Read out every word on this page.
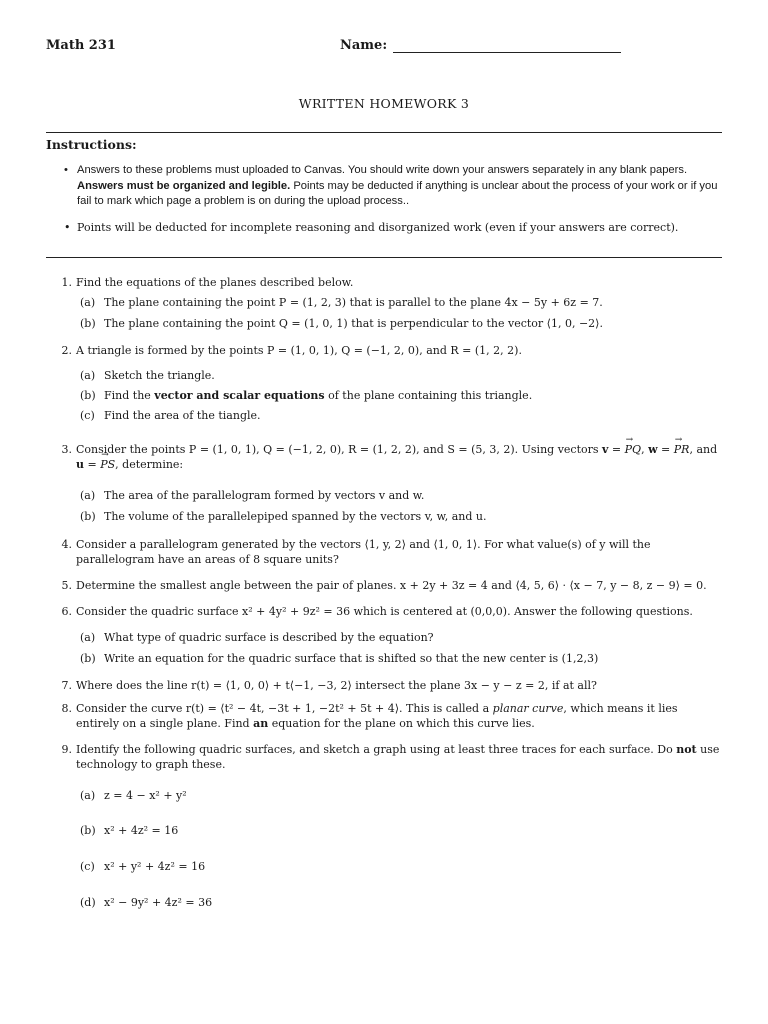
Math 231	Name:
WRITTEN HOMEWORK 3
Instructions:
• Answers to these problems must uploaded to Canvas. You should write down your answers separately in any blank papers. Answers must be organized and legible. Points may be deducted if anything is unclear about the process of your work or if you fail to mark which page a problem is on during the upload process..
• Points will be deducted for incomplete reasoning and disorganized work (even if your answers are correct).
1. Find the equations of the planes described below.
(a) The plane containing the point P = (1, 2, 3) that is parallel to the plane 4x − 5y + 6z = 7.
(b) The plane containing the point Q = (1, 0, 1) that is perpendicular to the vector ⟨1, 0, −2⟩.
2. A triangle is formed by the points P = (1, 0, 1), Q = (−1, 2, 0), and R = (1, 2, 2).
(a) Sketch the triangle.
(b) Find the vector and scalar equations of the plane containing this triangle.
(c) Find the area of the tiangle.
3. Consider the points P = (1, 0, 1), Q = (−1, 2, 0), R = (1, 2, 2), and S = (5, 3, 2). Using vectors v = → PQ, w = → PR, and
u = → PS, determine:
(a) The area of the parallelogram formed by vectors v and w.
(b) The volume of the parallelepiped spanned by the vectors v, w, and u.
4. Consider a parallelogram generated by the vectors ⟨1, y, 2⟩ and ⟨1, 0, 1⟩. For what value(s) of y will the parallelogram have an areas of 8 square units?
5. Determine the smallest angle between the pair of planes. x + 2y + 3z = 4 and ⟨4, 5, 6⟩ · ⟨x − 7, y − 8, z − 9⟩ = 0.
6. Consider the quadric surface x² + 4y² + 9z² = 36 which is centered at (0,0,0). Answer the following questions.
(a) What type of quadric surface is described by the equation?
(b) Write an equation for the quadric surface that is shifted so that the new center is (1,2,3)
7. Where does the line r(t) = ⟨1, 0, 0⟩ + t⟨−1, −3, 2⟩ intersect the plane 3x − y − z = 2, if at all?
8. Consider the curve r(t) = ⟨t² − 4t, −3t + 1, −2t² + 5t + 4⟩. This is called a planar curve, which means it lies entirely on a single plane. Find an equation for the plane on which this curve lies.
9. Identify the following quadric surfaces, and sketch a graph using at least three traces for each surface. Do not use technology to graph these.
(a) z = 4 − x² + y²
(b) x² + 4z² = 16
(c) x² + y² + 4z² = 16
(d) x² − 9y² + 4z² = 36
